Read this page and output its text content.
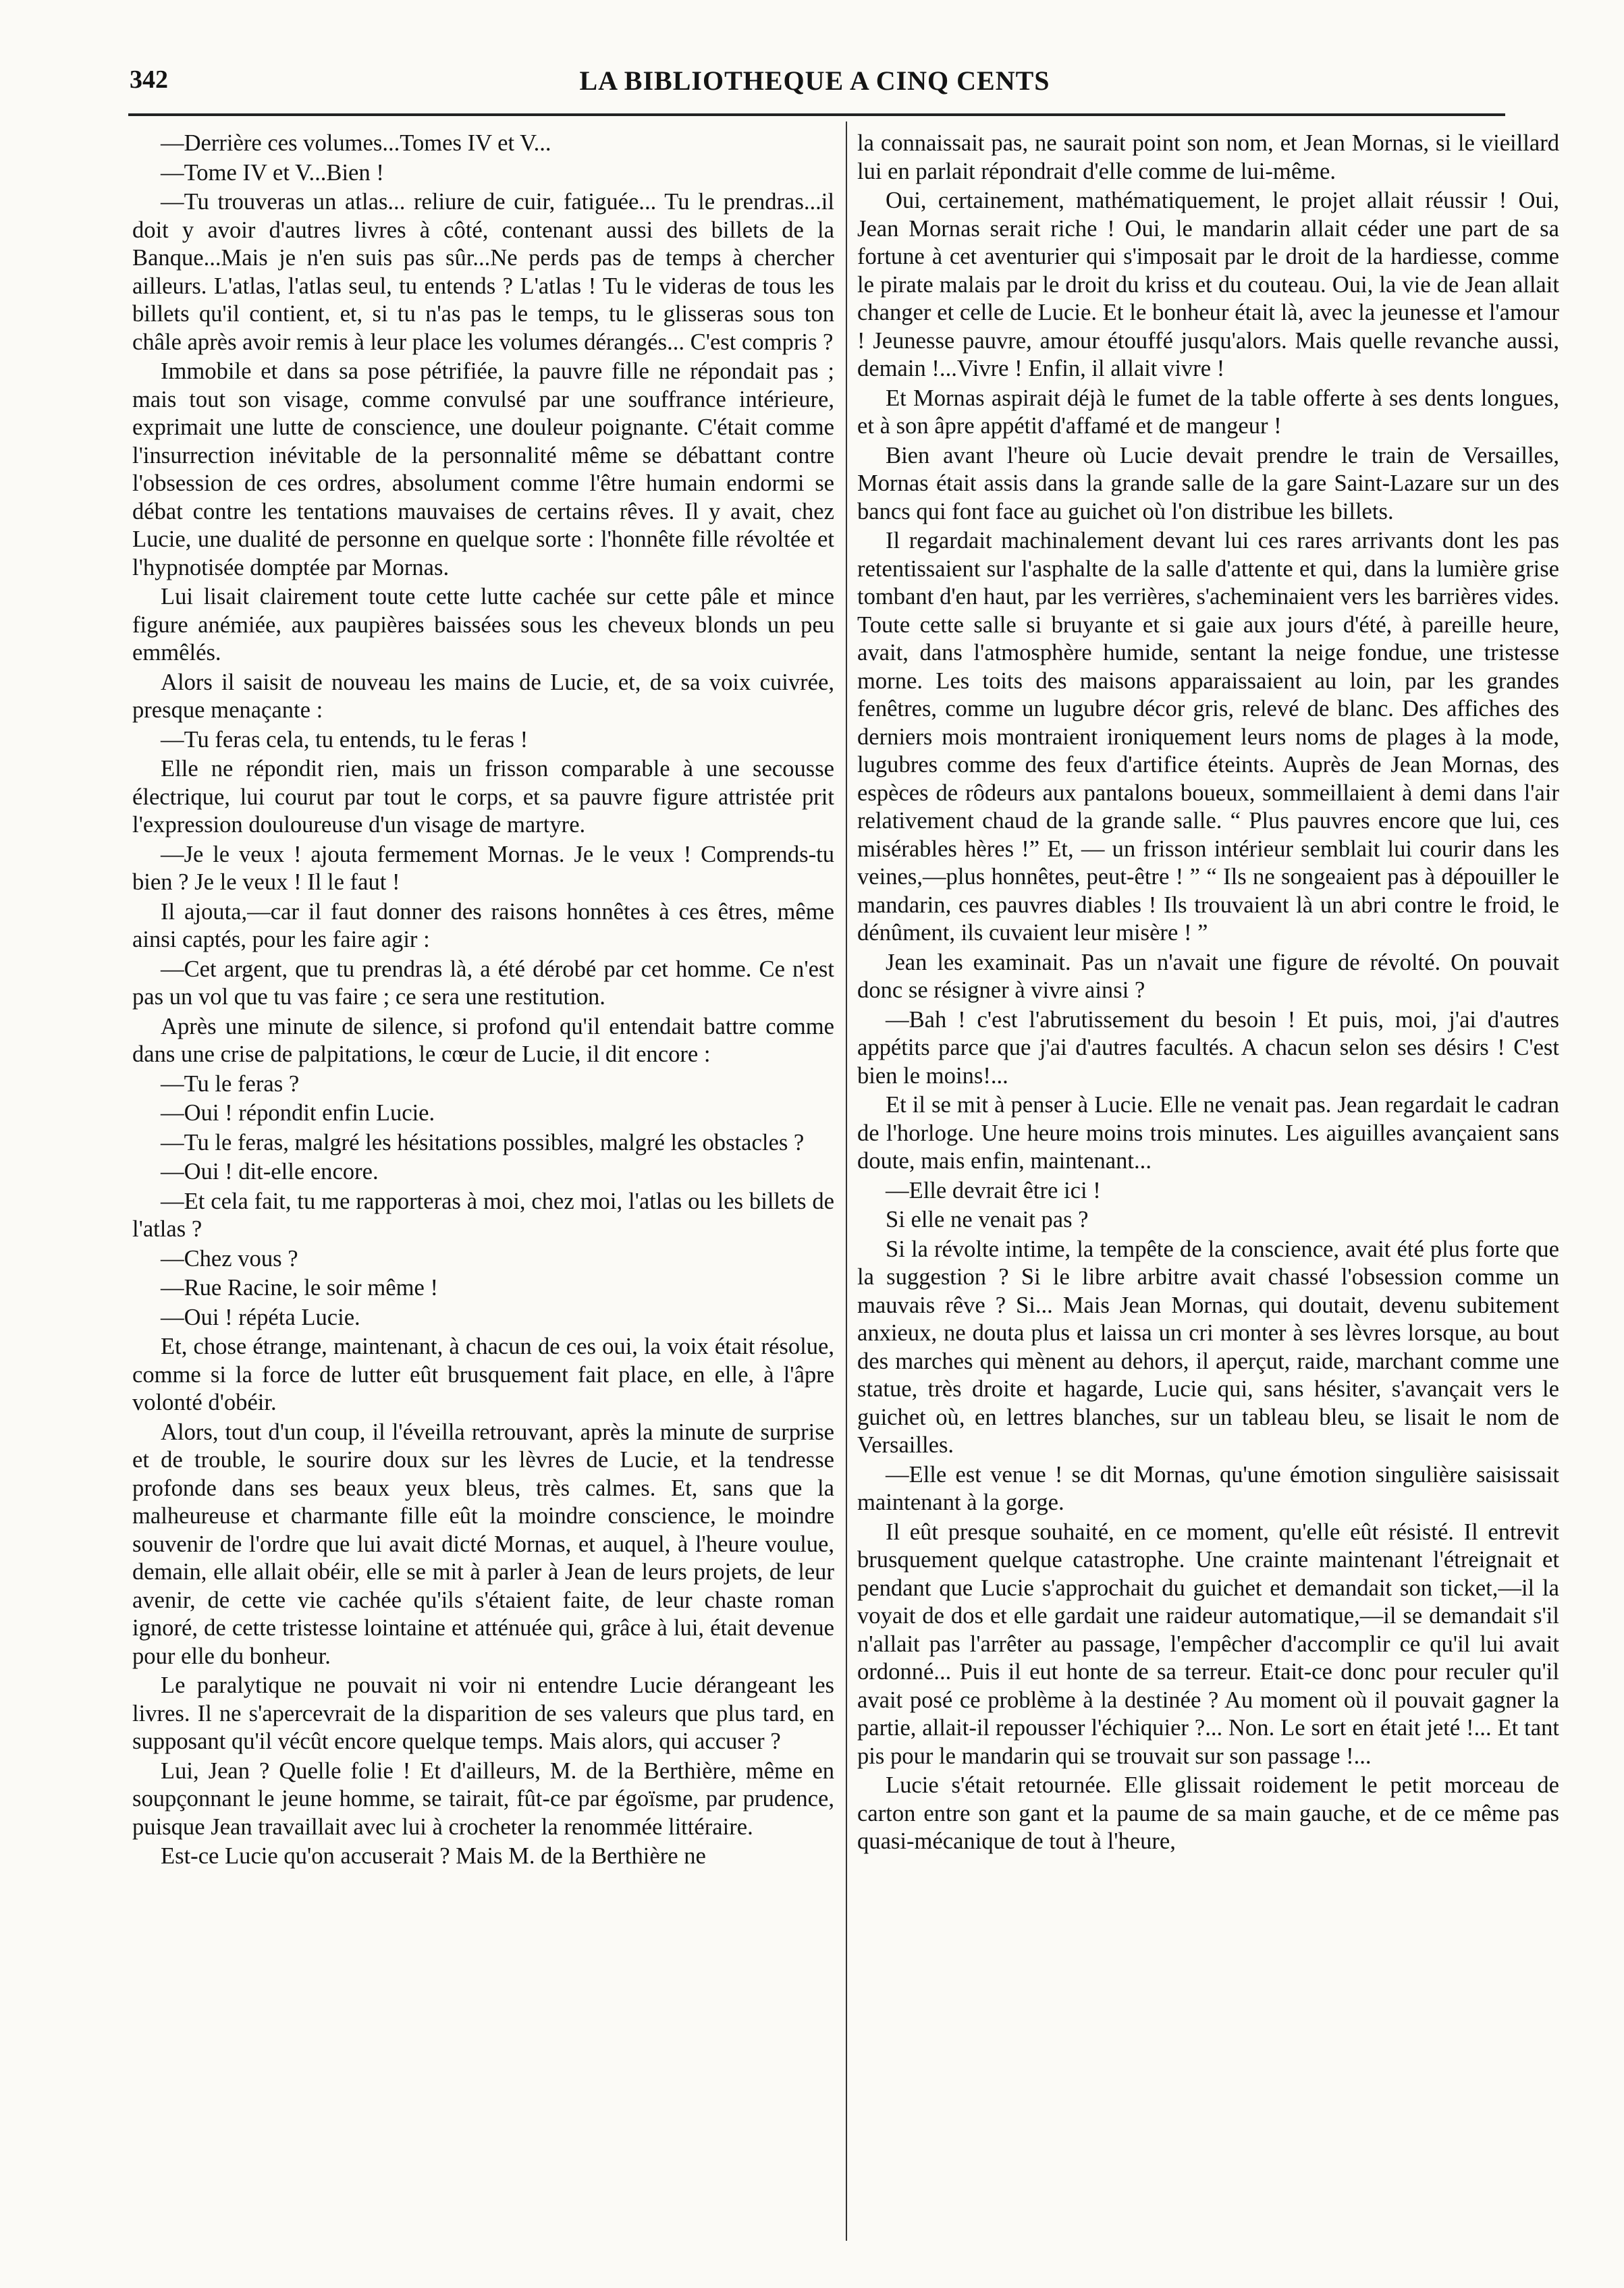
342	LA BIBLIOTHEQUE A CINQ CENTS

—Derrière ces volumes...Tomes IV et V...

—Tome IV et V...Bien !

—Tu trouveras un atlas... reliure de cuir, fatiguée... Tu le prendras...il doit y avoir d'autres livres à côté, contenant aussi des billets de la Banque...Mais je n'en suis pas sûr...Ne perds pas de temps à chercher ailleurs. L'atlas, l'atlas seul, tu entends ? L'atlas ! Tu le videras de tous les billets qu'il contient, et, si tu n'as pas le temps, tu le glisseras sous ton châle après avoir remis à leur place les volumes dérangés... C'est compris ?

Immobile et dans sa pose pétrifiée, la pauvre fille ne répondait pas ; mais tout son visage, comme convulsé par une souffrance intérieure, exprimait une lutte de conscience, une douleur poignante. C'était comme l'insurrection inévitable de la personnalité même se débattant contre l'obsession de ces ordres, absolument comme l'être humain endormi se débat contre les tentations mauvaises de certains rêves. Il y avait, chez Lucie, une dualité de personne en quelque sorte : l'honnête fille révoltée et l'hypnotisée domptée par Mornas.

Lui lisait clairement toute cette lutte cachée sur cette pâle et mince figure anémiée, aux paupières baissées sous les cheveux blonds un peu emmêlés.

Alors il saisit de nouveau les mains de Lucie, et, de sa voix cuivrée, presque menaçante :

—Tu feras cela, tu entends, tu le feras !

Elle ne répondit rien, mais un frisson comparable à une secousse électrique, lui courut par tout le corps, et sa pauvre figure attristée prit l'expression douloureuse d'un visage de martyre.

—Je le veux ! ajouta fermement Mornas. Je le veux ! Comprends-tu bien ? Je le veux ! Il le faut !

Il ajouta,—car il faut donner des raisons honnêtes à ces êtres, même ainsi captés, pour les faire agir :

—Cet argent, que tu prendras là, a été dérobé par cet homme. Ce n'est pas un vol que tu vas faire ; ce sera une restitution.

Après une minute de silence, si profond qu'il entendait battre comme dans une crise de palpitations, le cœur de Lucie, il dit encore :

—Tu le feras ?

—Oui ! répondit enfin Lucie.

—Tu le feras, malgré les hésitations possibles, malgré les obstacles ?

—Oui ! dit-elle encore.

—Et cela fait, tu me rapporteras à moi, chez moi, l'atlas ou les billets de l'atlas ?

—Chez vous ?

—Rue Racine, le soir même !

—Oui ! répéta Lucie.

Et, chose étrange, maintenant, à chacun de ces oui, la voix était résolue, comme si la force de lutter eût brusquement fait place, en elle, à l'âpre volonté d'obéir.

Alors, tout d'un coup, il l'éveilla retrouvant, après la minute de surprise et de trouble, le sourire doux sur les lèvres de Lucie, et la tendresse profonde dans ses beaux yeux bleus, très calmes. Et, sans que la malheureuse et charmante fille eût la moindre conscience, le moindre souvenir de l'ordre que lui avait dicté Mornas, et auquel, à l'heure voulue, demain, elle allait obéir, elle se mit à parler à Jean de leurs projets, de leur avenir, de cette vie cachée qu'ils s'étaient faite, de leur chaste roman ignoré, de cette tristesse lointaine et atténuée qui, grâce à lui, était devenue pour elle du bonheur.

Le paralytique ne pouvait ni voir ni entendre Lucie dérangeant les livres. Il ne s'apercevrait de la disparition de ses valeurs que plus tard, en supposant qu'il vécût encore quelque temps. Mais alors, qui accuser ?

Lui, Jean ? Quelle folie ! Et d'ailleurs, M. de la Berthière, même en soupçonnant le jeune homme, se tairait, fût-ce par égoïsme, par prudence, puisque Jean travaillait avec lui à crocheter la renommée littéraire.

Est-ce Lucie qu'on accuserait ? Mais M. de la Berthière ne

la connaissait pas, ne saurait point son nom, et Jean Mornas, si le vieillard lui en parlait répondrait d'elle comme de lui-même.

Oui, certainement, mathématiquement, le projet allait réussir ! Oui, Jean Mornas serait riche ! Oui, le mandarin allait céder une part de sa fortune à cet aventurier qui s'imposait par le droit de la hardiesse, comme le pirate malais par le droit du kriss et du couteau. Oui, la vie de Jean allait changer et celle de Lucie. Et le bonheur était là, avec la jeunesse et l'amour ! Jeunesse pauvre, amour étouffé jusqu'alors. Mais quelle revanche aussi, demain !...Vivre ! Enfin, il allait vivre !

Et Mornas aspirait déjà le fumet de la table offerte à ses dents longues, et à son âpre appétit d'affamé et de mangeur !

Bien avant l'heure où Lucie devait prendre le train de Versailles, Mornas était assis dans la grande salle de la gare Saint-Lazare sur un des bancs qui font face au guichet où l'on distribue les billets.

Il regardait machinalement devant lui ces rares arrivants dont les pas retentissaient sur l'asphalte de la salle d'attente et qui, dans la lumière grise tombant d'en haut, par les verrières, s'acheminaient vers les barrières vides. Toute cette salle si bruyante et si gaie aux jours d'été, à pareille heure, avait, dans l'atmosphère humide, sentant la neige fondue, une tristesse morne. Les toits des maisons apparaissaient au loin, par les grandes fenêtres, comme un lugubre décor gris, relevé de blanc. Des affiches des derniers mois montraient ironiquement leurs noms de plages à la mode, lugubres comme des feux d'artifice éteints. Auprès de Jean Mornas, des espèces de rôdeurs aux pantalons boueux, sommeillaient à demi dans l'air relativement chaud de la grande salle. “ Plus pauvres encore que lui, ces misérables hères !” Et, — un frisson intérieur semblait lui courir dans les veines,—plus honnêtes, peut-être ! ” “ Ils ne songeaient pas à dépouiller le mandarin, ces pauvres diables ! Ils trouvaient là un abri contre le froid, le dénûment, ils cuvaient leur misère ! ”

Jean les examinait. Pas un n'avait une figure de révolté. On pouvait donc se résigner à vivre ainsi ?

—Bah ! c'est l'abrutissement du besoin ! Et puis, moi, j'ai d'autres appétits parce que j'ai d'autres facultés. A chacun selon ses désirs ! C'est bien le moins!...

Et il se mit à penser à Lucie. Elle ne venait pas. Jean regardait le cadran de l'horloge. Une heure moins trois minutes. Les aiguilles avançaient sans doute, mais enfin, maintenant...

—Elle devrait être ici !

Si elle ne venait pas ?

Si la révolte intime, la tempête de la conscience, avait été plus forte que la suggestion ? Si le libre arbitre avait chassé l'obsession comme un mauvais rêve ? Si... Mais Jean Mornas, qui doutait, devenu subitement anxieux, ne douta plus et laissa un cri monter à ses lèvres lorsque, au bout des marches qui mènent au dehors, il aperçut, raide, marchant comme une statue, très droite et hagarde, Lucie qui, sans hésiter, s'avançait vers le guichet où, en lettres blanches, sur un tableau bleu, se lisait le nom de Versailles.

—Elle est venue ! se dit Mornas, qu'une émotion singulière saisissait maintenant à la gorge.

Il eût presque souhaité, en ce moment, qu'elle eût résisté. Il entrevit brusquement quelque catastrophe. Une crainte maintenant l'étreignait et pendant que Lucie s'approchait du guichet et demandait son ticket,—il la voyait de dos et elle gardait une raideur automatique,—il se demandait s'il n'allait pas l'arrêter au passage, l'empêcher d'accomplir ce qu'il lui avait ordonné... Puis il eut honte de sa terreur. Etait-ce donc pour reculer qu'il avait posé ce problème à la destinée ? Au moment où il pouvait gagner la partie, allait-il repousser l'échiquier ?... Non. Le sort en était jeté !... Et tant pis pour le mandarin qui se trouvait sur son passage !...

Lucie s'était retournée. Elle glissait roidement le petit morceau de carton entre son gant et la paume de sa main gauche, et de ce même pas quasi-mécanique de tout à l'heure,
